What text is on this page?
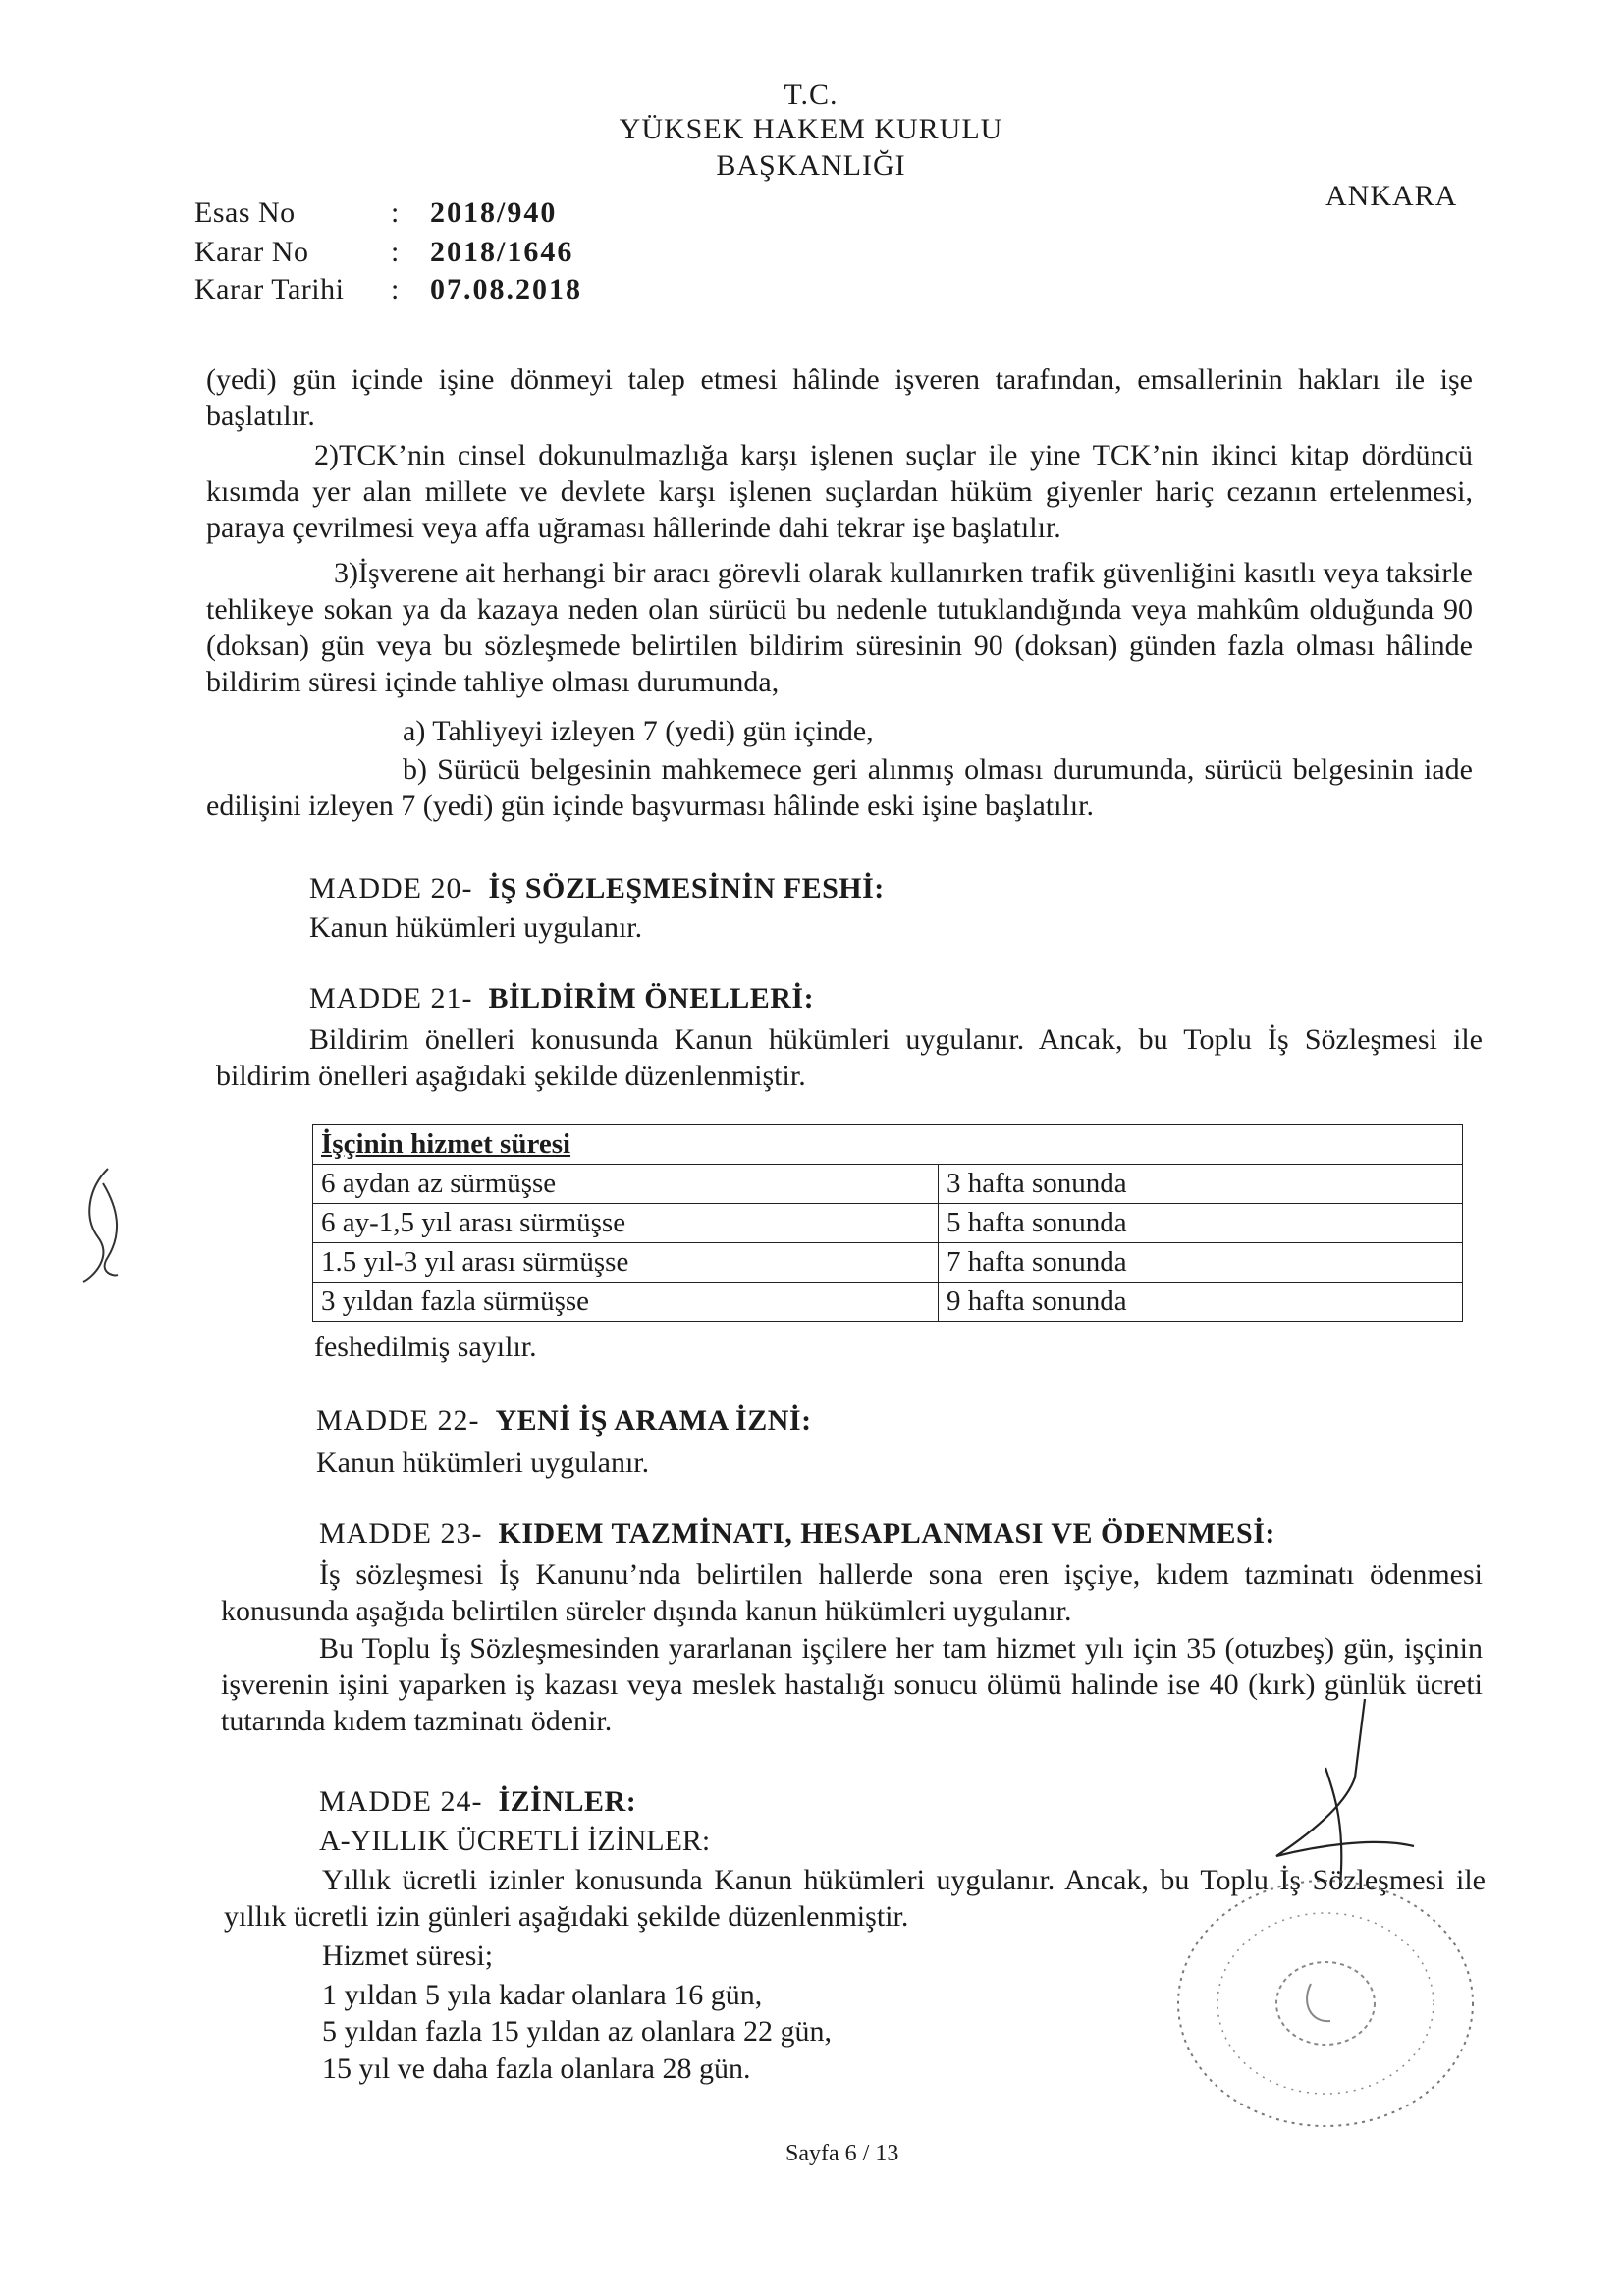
T.C.
YÜKSEK HAKEM KURULU
BAŞKANLIĞI
ANKARA
Esas No	: 2018/940
Karar No	: 2018/1646
Karar Tarihi : 07.08.2018
(yedi) gün içinde işine dönmeyi talep etmesi hâlinde işveren tarafından, emsallerinin hakları ile işe başlatılır.
2)TCK’nin cinsel dokunulmazlığa karşı işlenen suçlar ile yine TCK’nin ikinci kitap dördüncü kısımda yer alan millete ve devlete karşı işlenen suçlardan hüküm giyenler hariç cezanın ertelenmesi, paraya çevrilmesi veya affa uğraması hâllerinde dahi tekrar işe başlatılır.
3)İşverene ait herhangi bir aracı görevli olarak kullanırken trafik güvenliğini kasıtlı veya taksirle tehlikeye sokan ya da kazaya neden olan sürücü bu nedenle tutuklandığında veya mahkûm olduğunda 90 (doksan) gün veya bu sözleşmede belirtilen bildirim süresinin 90 (doksan) günden fazla olması hâlinde bildirim süresi içinde tahliye olması durumunda,
a) Tahliyeyi izleyen 7 (yedi) gün içinde,
b) Sürücü belgesinin mahkemece geri alınmış olması durumunda, sürücü belgesinin iade edilişini izleyen 7 (yedi) gün içinde başvurması hâlinde eski işine başlatılır.
MADDE 20- İŞ SÖZLEŞMESİNİN FESHİ:
Kanun hükümleri uygulanır.
MADDE 21- BİLDİRİM ÖNELLERİ:
Bildirim önelleri konusunda Kanun hükümleri uygulanır. Ancak, bu Toplu İş Sözleşmesi ile bildirim önelleri aşağıdaki şekilde düzenlenmiştir.
İşçinin hizmet süresi	
6 aydan az sürmüşse	3 hafta sonunda
6 ay-1,5 yıl arası sürmüşse	5 hafta sonunda
1.5 yıl-3 yıl arası sürmüşse	7 hafta sonunda
3 yıldan fazla sürmüşse	9 hafta sonunda
feshedilmiş sayılır.
MADDE 22- YENİ İŞ ARAMA İZNİ:
Kanun hükümleri uygulanır.
MADDE 23- KIDEM TAZMİNATI, HESAPLANMASI VE ÖDENMESİ:
İş sözleşmesi İş Kanunu’nda belirtilen hallerde sona eren işçiye, kıdem tazminatı ödenmesi konusunda aşağıda belirtilen süreler dışında kanun hükümleri uygulanır.
Bu Toplu İş Sözleşmesinden yararlanan işçilere her tam hizmet yılı için 35 (otuzbeş) gün, işçinin işverenin işini yaparken iş kazası veya meslek hastalığı sonucu ölümü halinde ise 40 (kırk) günlük ücreti tutarında kıdem tazminatı ödenir.
MADDE 24- İZİNLER:
A-YILLIK ÜCRETLİ İZİNLER:
Yıllık ücretli izinler konusunda Kanun hükümleri uygulanır. Ancak, bu Toplu İş Sözleşmesi ile yıllık ücretli izin günleri aşağıdaki şekilde düzenlenmiştir.
Hizmet süresi;
1 yıldan 5 yıla kadar olanlara 16 gün,
5 yıldan fazla 15 yıldan az olanlara 22 gün,
15 yıl ve daha fazla olanlara 28 gün.
Sayfa 6 / 13
